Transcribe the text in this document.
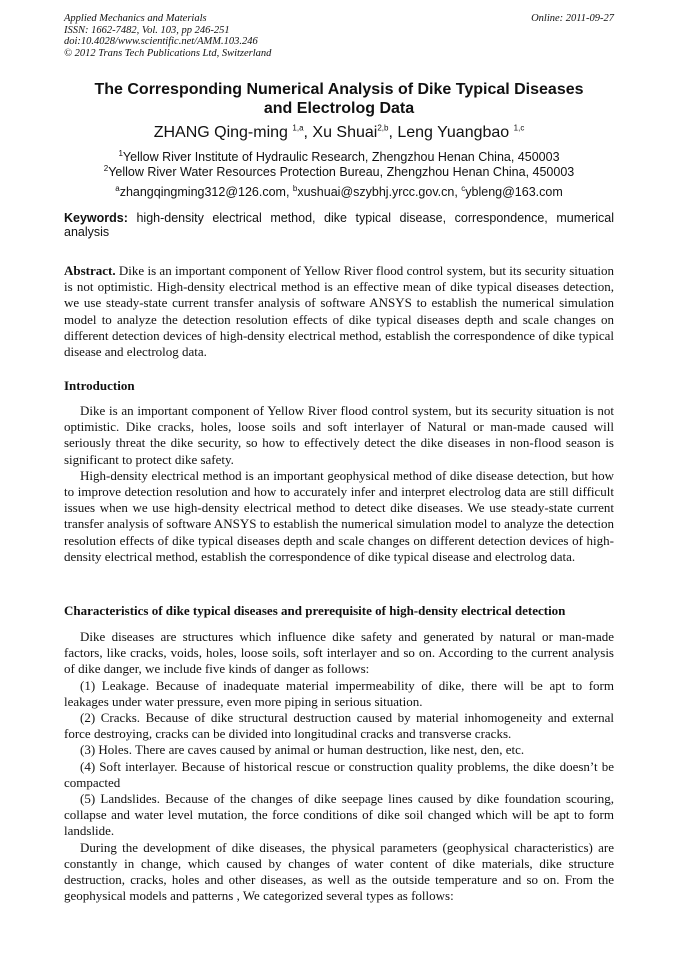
Applied Mechanics and Materials
ISSN: 1662-7482, Vol. 103, pp 246-251
doi:10.4028/www.scientific.net/AMM.103.246
© 2012 Trans Tech Publications Ltd, Switzerland
Online: 2011-09-27
The Corresponding Numerical Analysis of Dike Typical Diseases
and Electrolog Data
ZHANG Qing-ming $^{1,a}$, Xu Shuai$^{2,b}$, Leng Yuangbao $^{1,c}$
$^1$Yellow River Institute of Hydraulic Research, Zhengzhou Henan China, 450003
$^2$Yellow River Water Resources Protection Bureau, Zhengzhou Henan China, 450003
$^a$zhangqingming312@126.com, $^b$xushuai@szybhj.yrcc.gov.cn, $^c$ybleng@163.com
Keywords: high-density electrical method, dike typical disease, correspondence, mumerical analysis
Abstract. Dike is an important component of Yellow River flood control system, but its security situation is not optimistic. High-density electrical method is an effective mean of dike typical diseases detection, we use steady-state current transfer analysis of software ANSYS to establish the numerical simulation model to analyze the detection resolution effects of dike typical diseases depth and scale changes on different detection devices of high-density electrical method, establish the correspondence of dike typical disease and electrolog data.
Introduction

Dike is an important component of Yellow River flood control system, but its security situation is not optimistic. Dike cracks, holes, loose soils and soft interlayer of Natural or man-made caused will seriously threat the dike security, so how to effectively detect the dike diseases in non-flood season is significant to protect dike safety.

High-density electrical method is an important geophysical method of dike disease detection, but how to improve detection resolution and how to accurately infer and interpret electrolog data are still difficult issues when we use high-density electrical method to detect dike diseases. We use steady-state current transfer analysis of software ANSYS to establish the numerical simulation model to analyze the detection resolution effects of dike typical diseases depth and scale changes on different detection devices of high-density electrical method, establish the correspondence of dike typical disease and electrolog data.

Characteristics of dike typical diseases and prerequisite of high-density electrical detection

Dike diseases are structures which influence dike safety and generated by natural or man-made factors, like cracks, voids, holes, loose soils, soft interlayer and so on. According to the current analysis of dike danger, we include five kinds of danger as follows:

(1) Leakage. Because of inadequate material impermeability of dike, there will be apt to form leakages under water pressure, even more piping in serious situation.

(2) Cracks. Because of dike structural destruction caused by material inhomogeneity and external force destroying, cracks can be divided into longitudinal cracks and transverse cracks.

(3) Holes. There are caves caused by animal or human destruction, like nest, den, etc.

(4) Soft interlayer. Because of historical rescue or construction quality problems, the dike doesn’t be compacted

(5) Landslides. Because of the changes of dike seepage lines caused by dike foundation scouring, collapse and water level mutation, the force conditions of dike soil changed which will be apt to form landslide.

During the development of dike diseases, the physical parameters (geophysical characteristics) are constantly in change, which caused by changes of water content of dike materials, dike structure destruction, cracks, holes and other diseases, as well as the outside temperature and so on. From the geophysical models and patterns , We categorized several types as follows:
